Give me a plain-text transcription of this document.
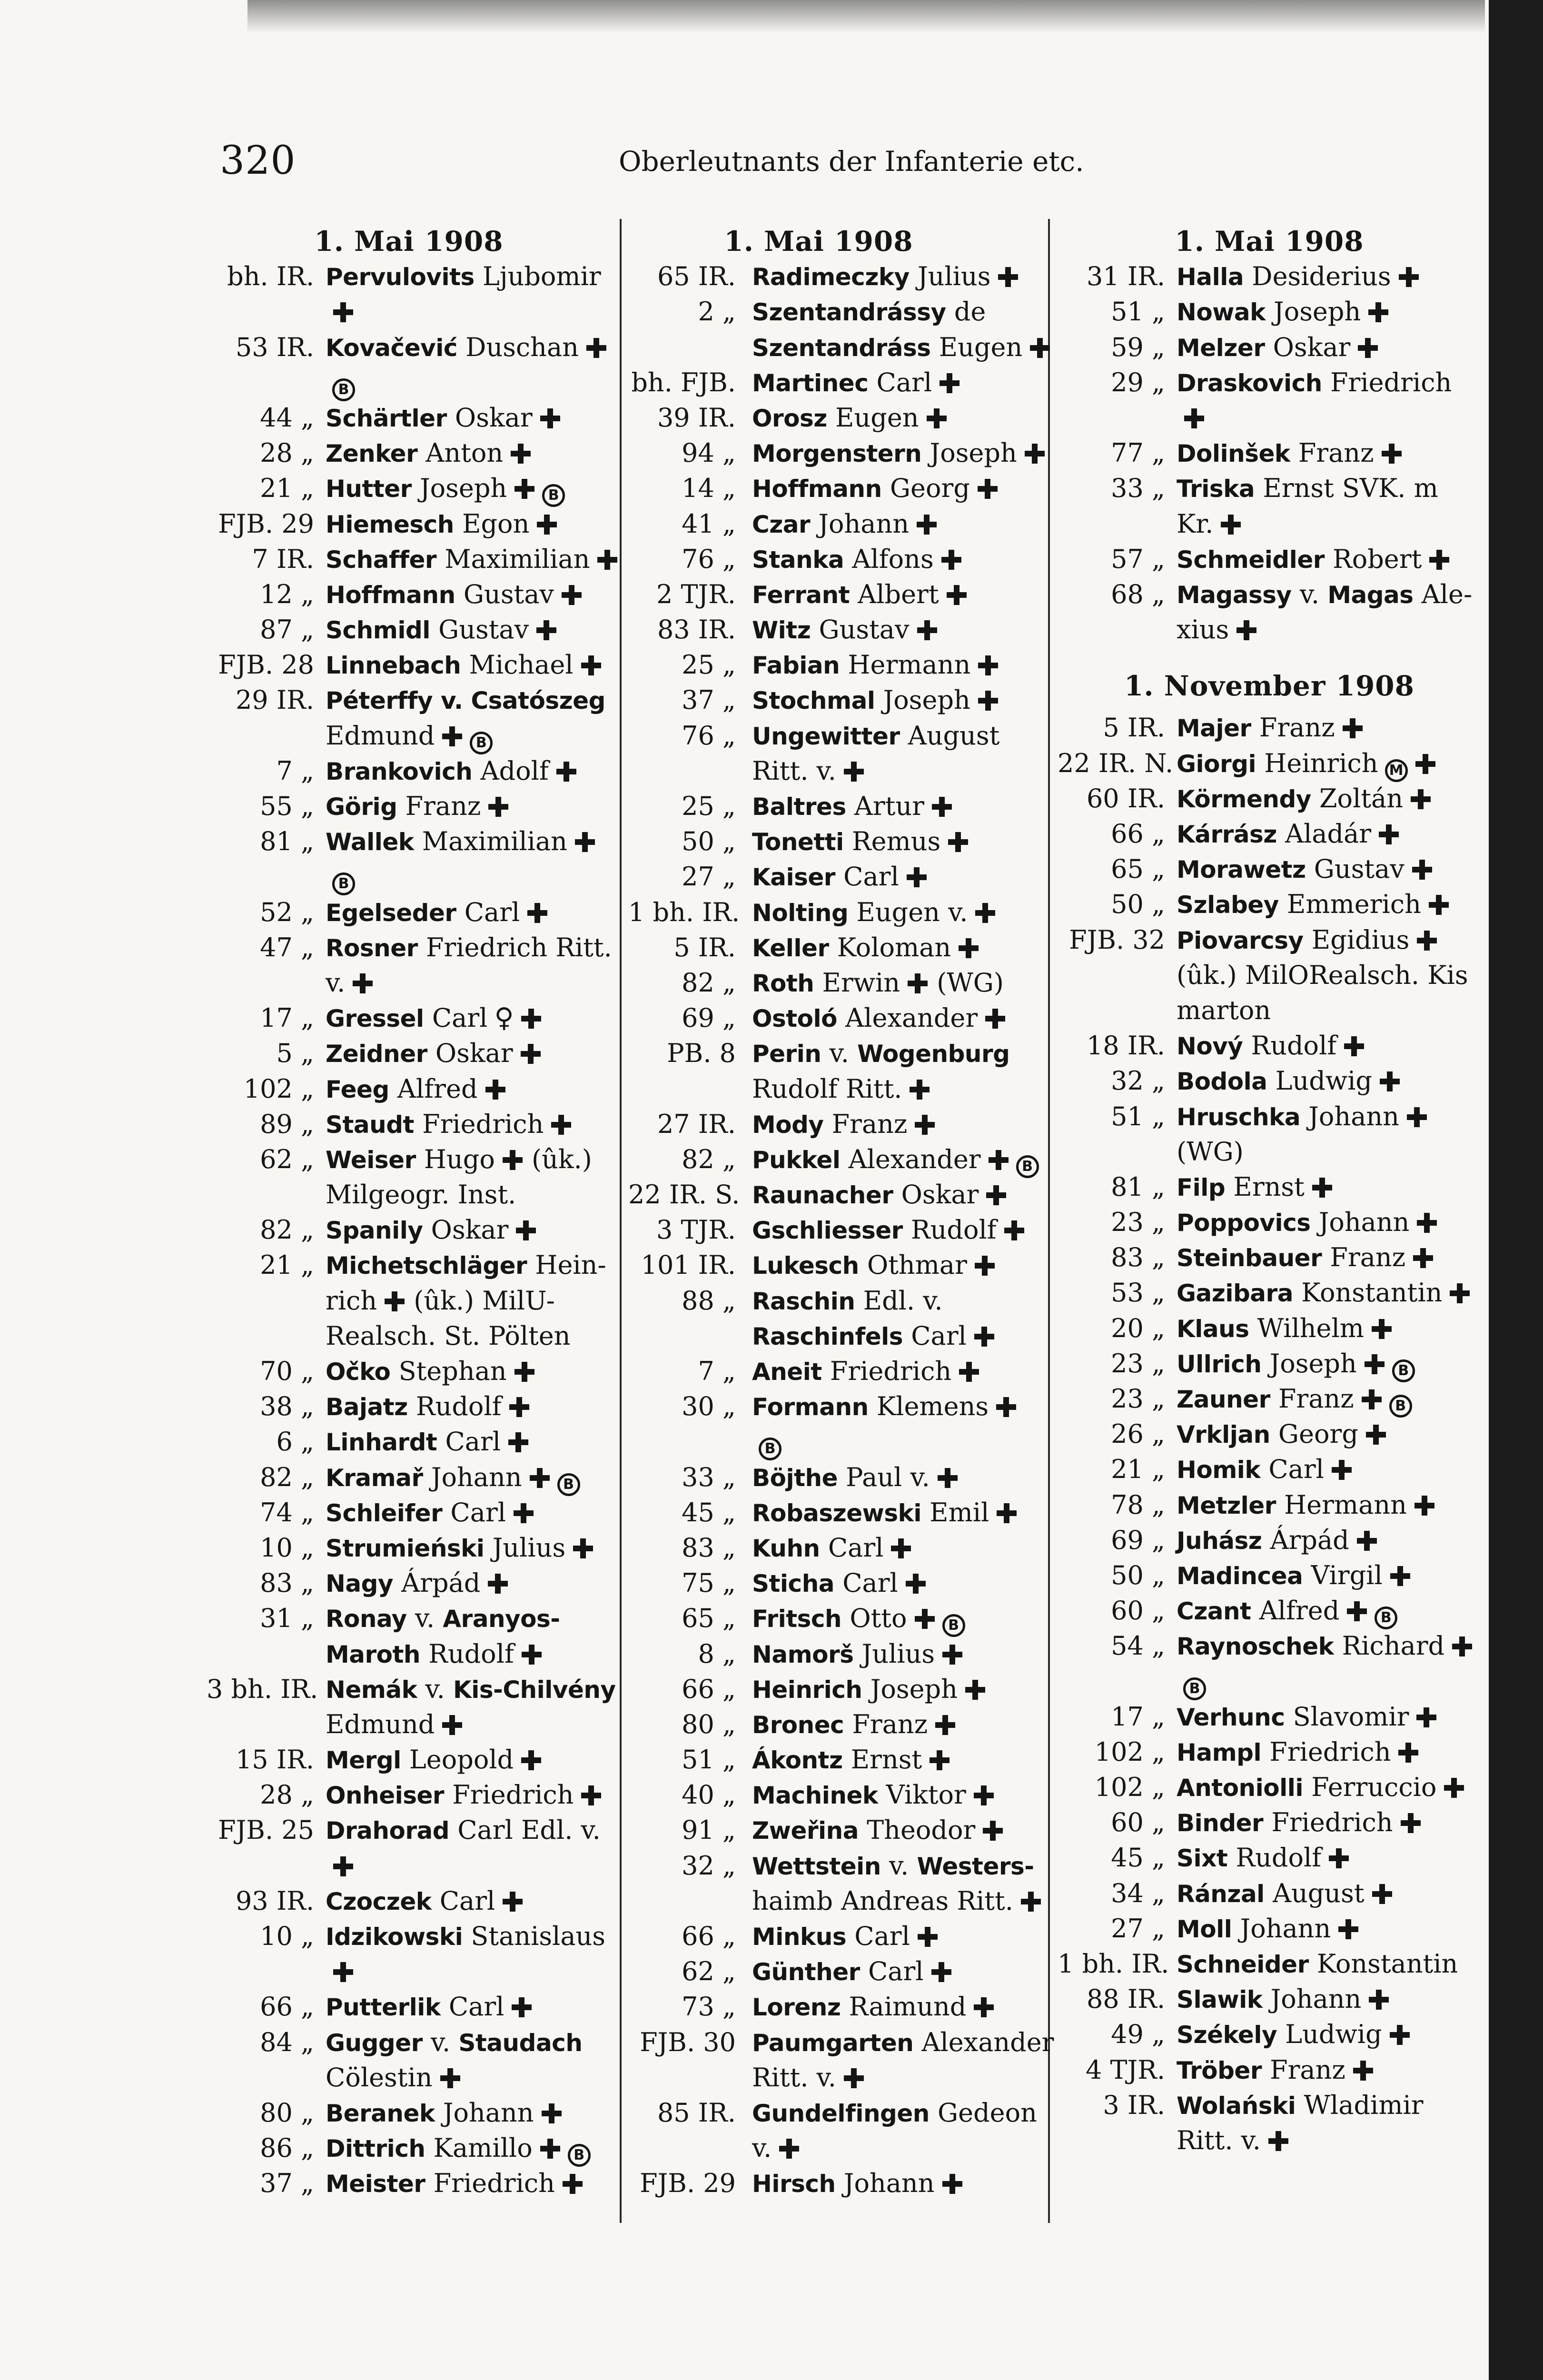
320	Oberleutnants der Infanterie etc.
1. Mai 1908
bh. IR. Pervulovits Ljubomir
53 IR. Kovačević Duschan
B
44 „ Schärtler Oskar
28 „ Zenker Anton
21 „ Hutter Joseph	B
FJB. 29 Hiemesch Egon
7 IR. Schaffer Maximilian
12 „ Hoffmann Gustav
87 „ Schmidl Gustav
FJB. 28 Linnebach Michael
29 IR. Péterffy v. Csatószeg
Edmund	B
7 „ Brankovich Adolf
55 „ Görig Franz
81 „ Wallek Maximilian
B
52 „ Egelseder Carl
47 „ Rosner Friedrich Ritt.
v.
17 „ Gressel Carl ♀
5 „ Zeidner Oskar
102 „ Feeg Alfred
89 „ Staudt Friedrich
62 „ Weiser Hugo (ûk.)
Milgeogr. Inst.
82 „ Spanily Oskar
21 „ Michetschläger Hein-
rich (ûk.) MilU-
Realsch. St. Pölten
70 „ Očko Stephan
38 „ Bajatz Rudolf
6 „ Linhardt Carl
82 „ Kramař Johann	B
74 „ Schleifer Carl
10 „ Strumieński Julius
83 „ Nagy Árpád
31 „ Ronay v. Aranyos-
Maroth Rudolf
3 bh. IR. Nemák v. Kis-Chilvény
Edmund
15 IR. Mergl Leopold
28 „ Onheiser Friedrich
FJB. 25 Drahorad Carl Edl. v.
93 IR. Czoczek Carl
10 „ Idzikowski Stanislaus
66 „ Putterlik Carl
84 „ Gugger v. Staudach
Cölestin
80 „ Beranek Johann
86 „ Dittrich Kamillo	B
37 „ Meister Friedrich
1. Mai 1908
65 IR. Radimeczky Julius
2 „ Szentandrássy de
Szentandráss Eugen
bh. FJB. Martinec Carl
39 IR. Orosz Eugen
94 „ Morgenstern Joseph
14 „ Hoffmann Georg
41 „ Czar Johann
76 „ Stanka Alfons
2 TJR. Ferrant Albert
83 IR. Witz Gustav
25 „ Fabian Hermann
37 „ Stochmal Joseph
76 „ Ungewitter August
Ritt. v.
25 „ Baltres Artur
50 „ Tonetti Remus
27 „ Kaiser Carl
1 bh. IR. Nolting Eugen v.
5 IR. Keller Koloman
82 „ Roth Erwin (WG)
69 „ Ostoló Alexander
PB. 8 Perin v. Wogenburg
Rudolf Ritt.
27 IR. Mody Franz
82 „ Pukkel Alexander	B
22 IR. S. Raunacher Oskar
3 TJR. Gschliesser Rudolf
101 IR. Lukesch Othmar
88 „ Raschin Edl. v.
Raschinfels Carl
7 „ Aneit Friedrich
30 „ Formann Klemens
B
33 „ Böjthe Paul v.
45 „ Robaszewski Emil
83 „ Kuhn Carl
75 „ Sticha Carl
65 „ Fritsch Otto	B
8 „ Namorš Julius
66 „ Heinrich Joseph
80 „ Bronec Franz
51 „ Ákontz Ernst
40 „ Machinek Viktor
91 „ Zweřina Theodor
32 „ Wettstein v. Westers-
haimb Andreas Ritt.
66 „ Minkus Carl
62 „ Günther Carl
73 „ Lorenz Raimund
FJB. 30 Paumgarten Alexander
Ritt. v.
85 IR. Gundelfingen Gedeon
v.
FJB. 29 Hirsch Johann
1. Mai 1908
31 IR. Halla Desiderius
51 „ Nowak Joseph
59 „ Melzer Oskar
29 „ Draskovich Friedrich
77 „ Dolinšek Franz
33 „ Triska Ernst SVK. m
Kr.
57 „ Schmeidler Robert
68 „ Magassy v. Magas Ale-
xius
1. November 1908
5 IR. Majer Franz
22 IR. N. Giorgi Heinrich M
60 IR. Körmendy Zoltán
66 „ Kárrász Aladár
65 „ Morawetz Gustav
50 „ Szlabey Emmerich
FJB. 32 Piovarcsy Egidius
(ûk.) MilORealsch. Kis
marton
18 IR. Nový Rudolf
32 „ Bodola Ludwig
51 „ Hruschka Johann
(WG)
81 „ Filp Ernst
23 „ Poppovics Johann
83 „ Steinbauer Franz
53 „ Gazibara Konstantin
20 „ Klaus Wilhelm
23 „ Ullrich Joseph	B
23 „ Zauner Franz	B
26 „ Vrkljan Georg
21 „ Homik Carl
78 „ Metzler Hermann
69 „ Juhász Árpád
50 „ Madincea Virgil
60 „ Czant Alfred	B
54 „ Raynoschek Richard
B
17 „ Verhunc Slavomir
102 „ Hampl Friedrich
102 „ Antoniolli Ferruccio
60 „ Binder Friedrich
45 „ Sixt Rudolf
34 „ Ránzal August
27 „ Moll Johann
1 bh. IR. Schneider Konstantin
88 IR. Slawik Johann
49 „ Székely Ludwig
4 TJR. Tröber Franz
3 IR. Wolański Wladimir
Ritt. v.
